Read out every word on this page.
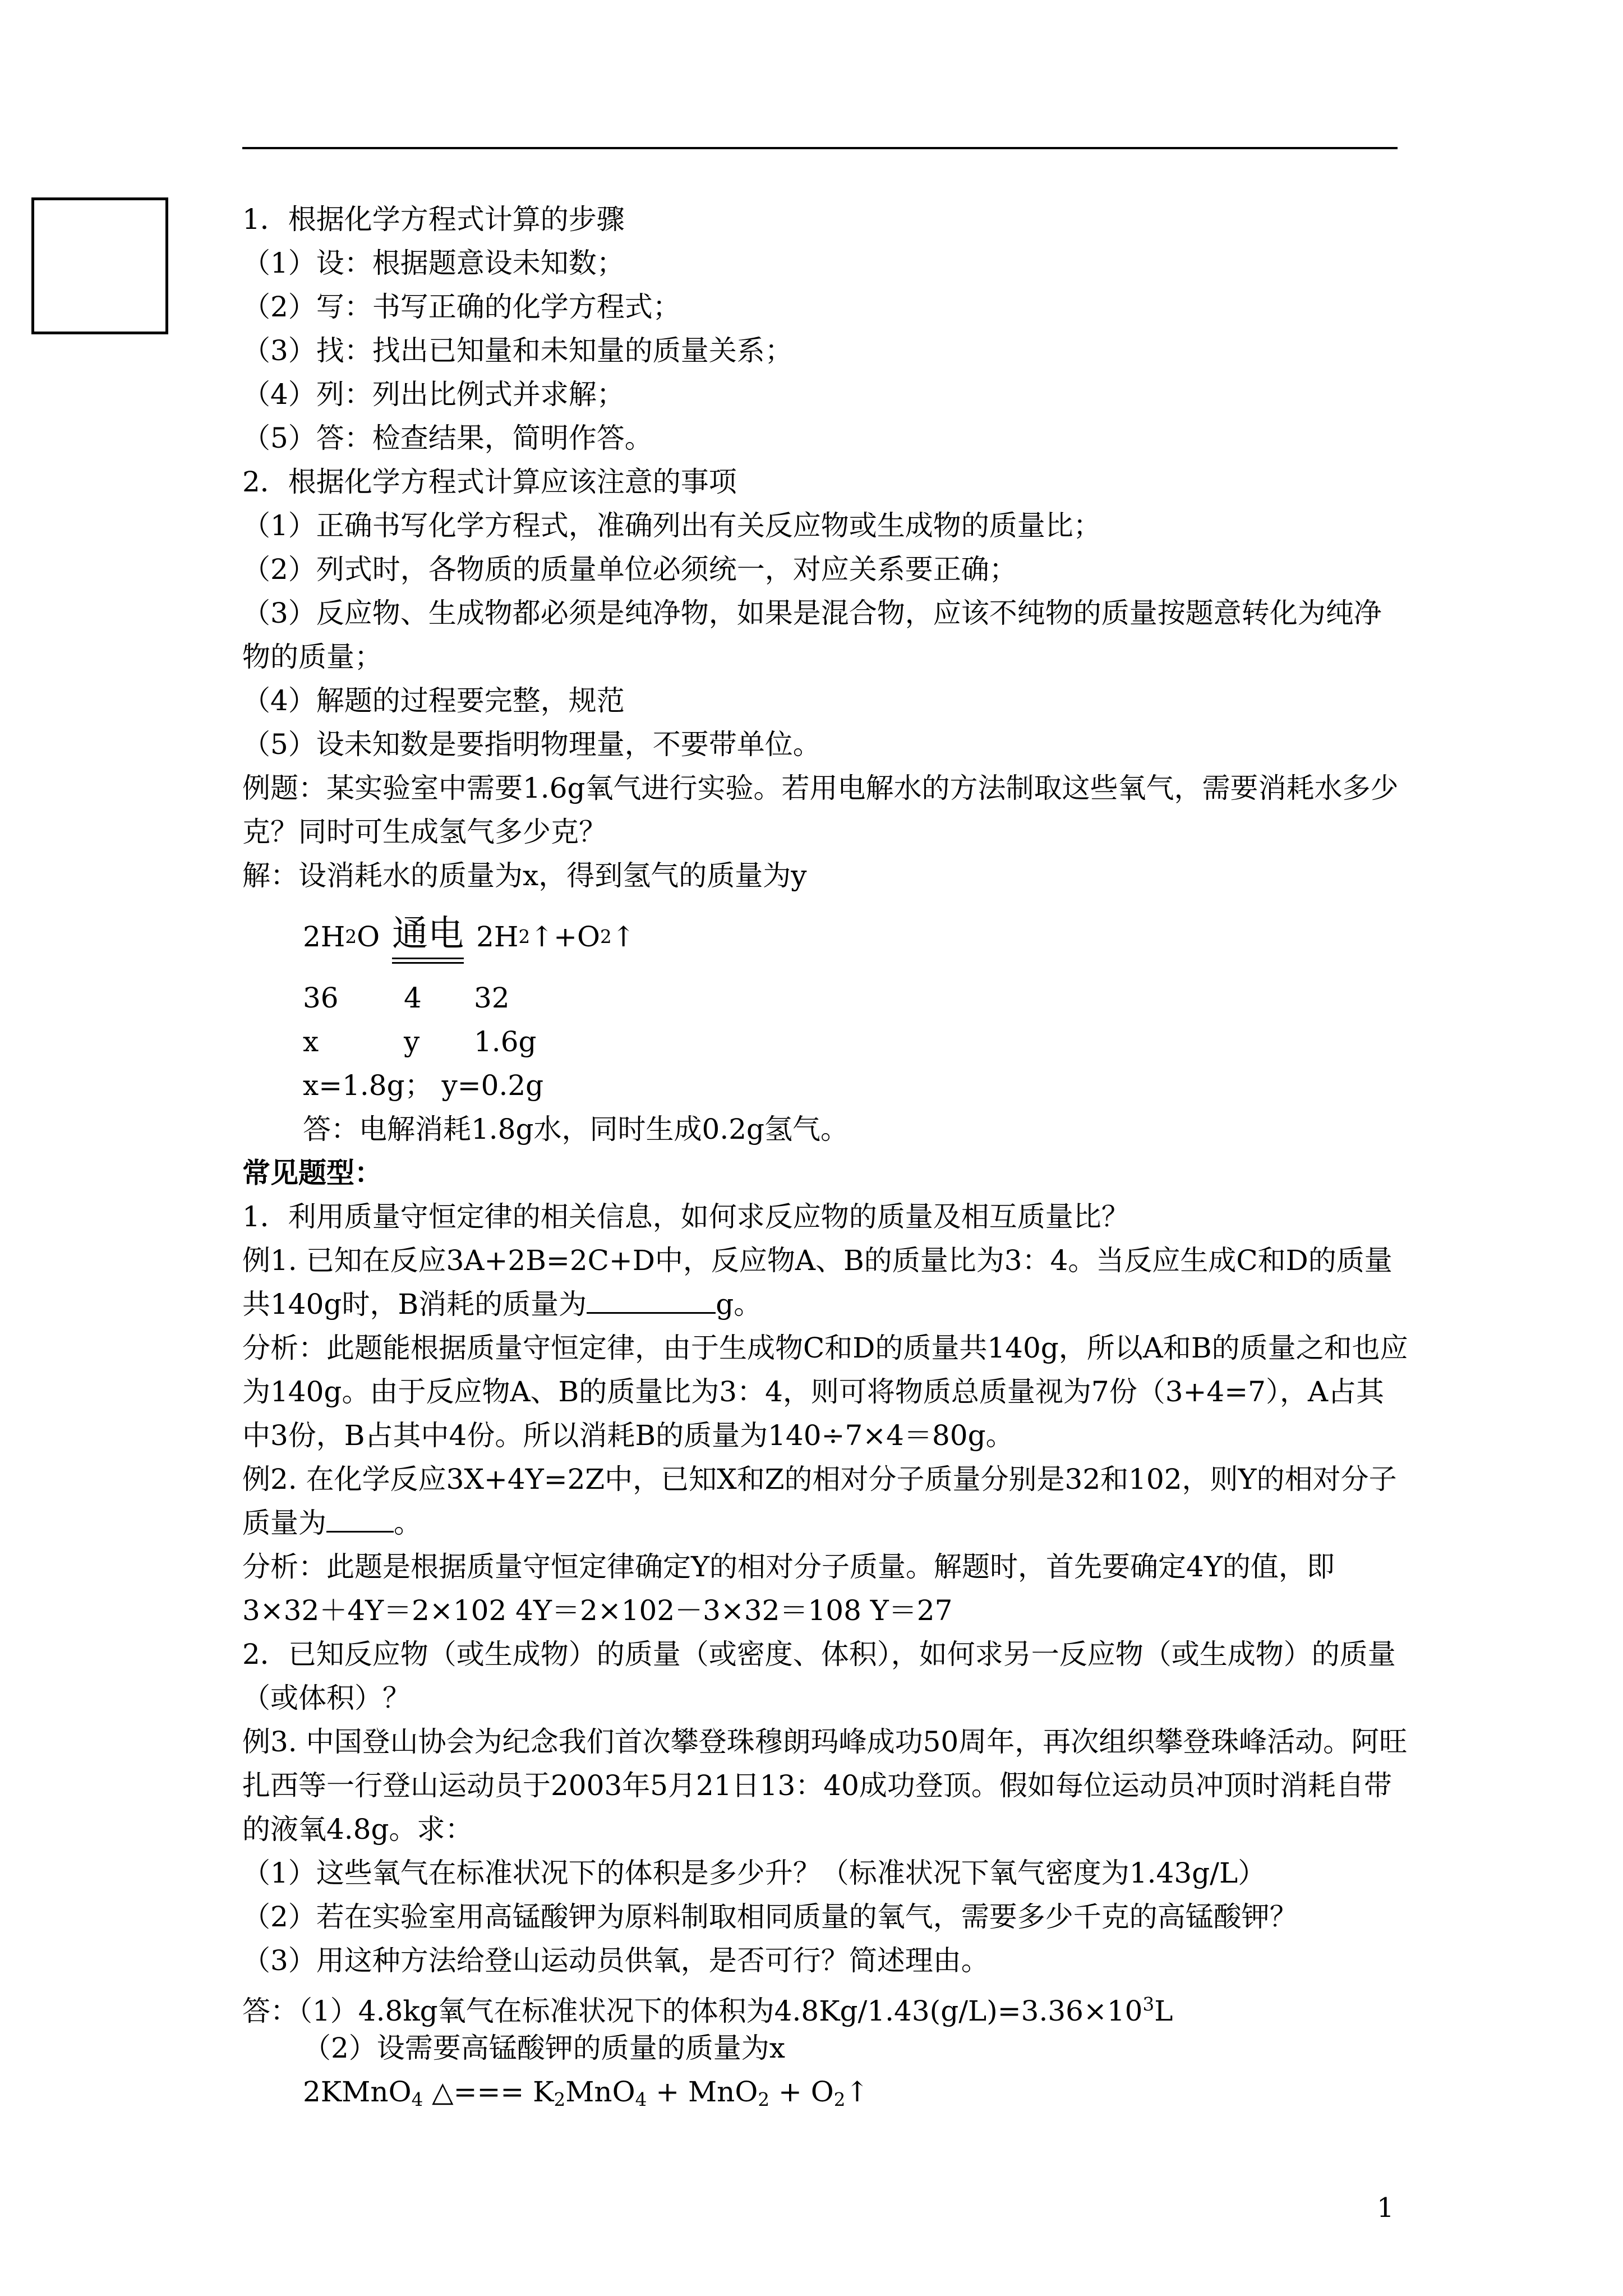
1．根据化学方程式计算的步骤
（1）设：根据题意设未知数；
（2）写：书写正确的化学方程式；
（3）找：找出已知量和未知量的质量关系；
（4）列：列出比例式并求解；
（5）答：检查结果，简明作答。
2．根据化学方程式计算应该注意的事项
（1）正确书写化学方程式，准确列出有关反应物或生成物的质量比；
（2）列式时，各物质的质量单位必须统一，对应关系要正确；
（3）反应物、生成物都必须是纯净物，如果是混合物，应该不纯物的质量按题意转化为纯净物的质量；
（4）解题的过程要完整，规范
（5）设未知数是要指明物理量，不要带单位。
例题：某实验室中需要1.6g氧气进行实验。若用电解水的方法制取这些氧气，需要消耗水多少克？同时可生成氢气多少克？
解：设消耗水的质量为x，得到氢气的质量为y
2H 2 O 通电 2H 2 ↑+O 2 ↑
36	4	32
x	y	1.6g
x=1.8g； y=0.2g
答：电解消耗1.8g水，同时生成0.2g氢气。
常见题型：
1．利用质量守恒定律的相关信息，如何求反应物的质量及相互质量比？
例1. 已知在反应3A+2B=2C+D中，反应物A、B的质量比为3：4。当反应生成C和D的质量共140g时，B消耗的质量为	g。
分析：此题能根据质量守恒定律，由于生成物C和D的质量共140g，所以A和B的质量之和也应为140g。由于反应物A、B的质量比为3：4，则可将物质总质量视为7份（3+4=7），A占其中3份，B占其中4份。所以消耗B的质量为140÷7×4＝80g。
例2. 在化学反应3X+4Y=2Z中，已知X和Z的相对分子质量分别是32和102，则Y的相对分子质量为 。
分析：此题是根据质量守恒定律确定Y的相对分子质量。解题时，首先要确定4Y的值，即
3×32＋4Y＝2×102 4Y＝2×102－3×32＝108 Y＝27
2．已知反应物（或生成物）的质量（或密度、体积），如何求另一反应物（或生成物）的质量（或体积）？
例3. 中国登山协会为纪念我们首次攀登珠穆朗玛峰成功50周年，再次组织攀登珠峰活动。阿旺扎西等一行登山运动员于2003年5月21日13：40成功登顶。假如每位运动员冲顶时消耗自带的液氧4.8g。求：
（1）这些氧气在标准状况下的体积是多少升？（标准状况下氧气密度为1.43g/L）
（2）若在实验室用高锰酸钾为原料制取相同质量的氧气，需要多少千克的高锰酸钾？
（3）用这种方法给登山运动员供氧，是否可行？简述理由。
答：（1）4.8kg氧气在标准状况下的体积为$4.8Kg/1.43(g/L)=3.36\times 10^3L$
（2）设需要高锰酸钾的质量的质量为x
2KMnO$_4$ △=== $K_2MnO_4 + MnO_2$ + $O_2↑$
1
